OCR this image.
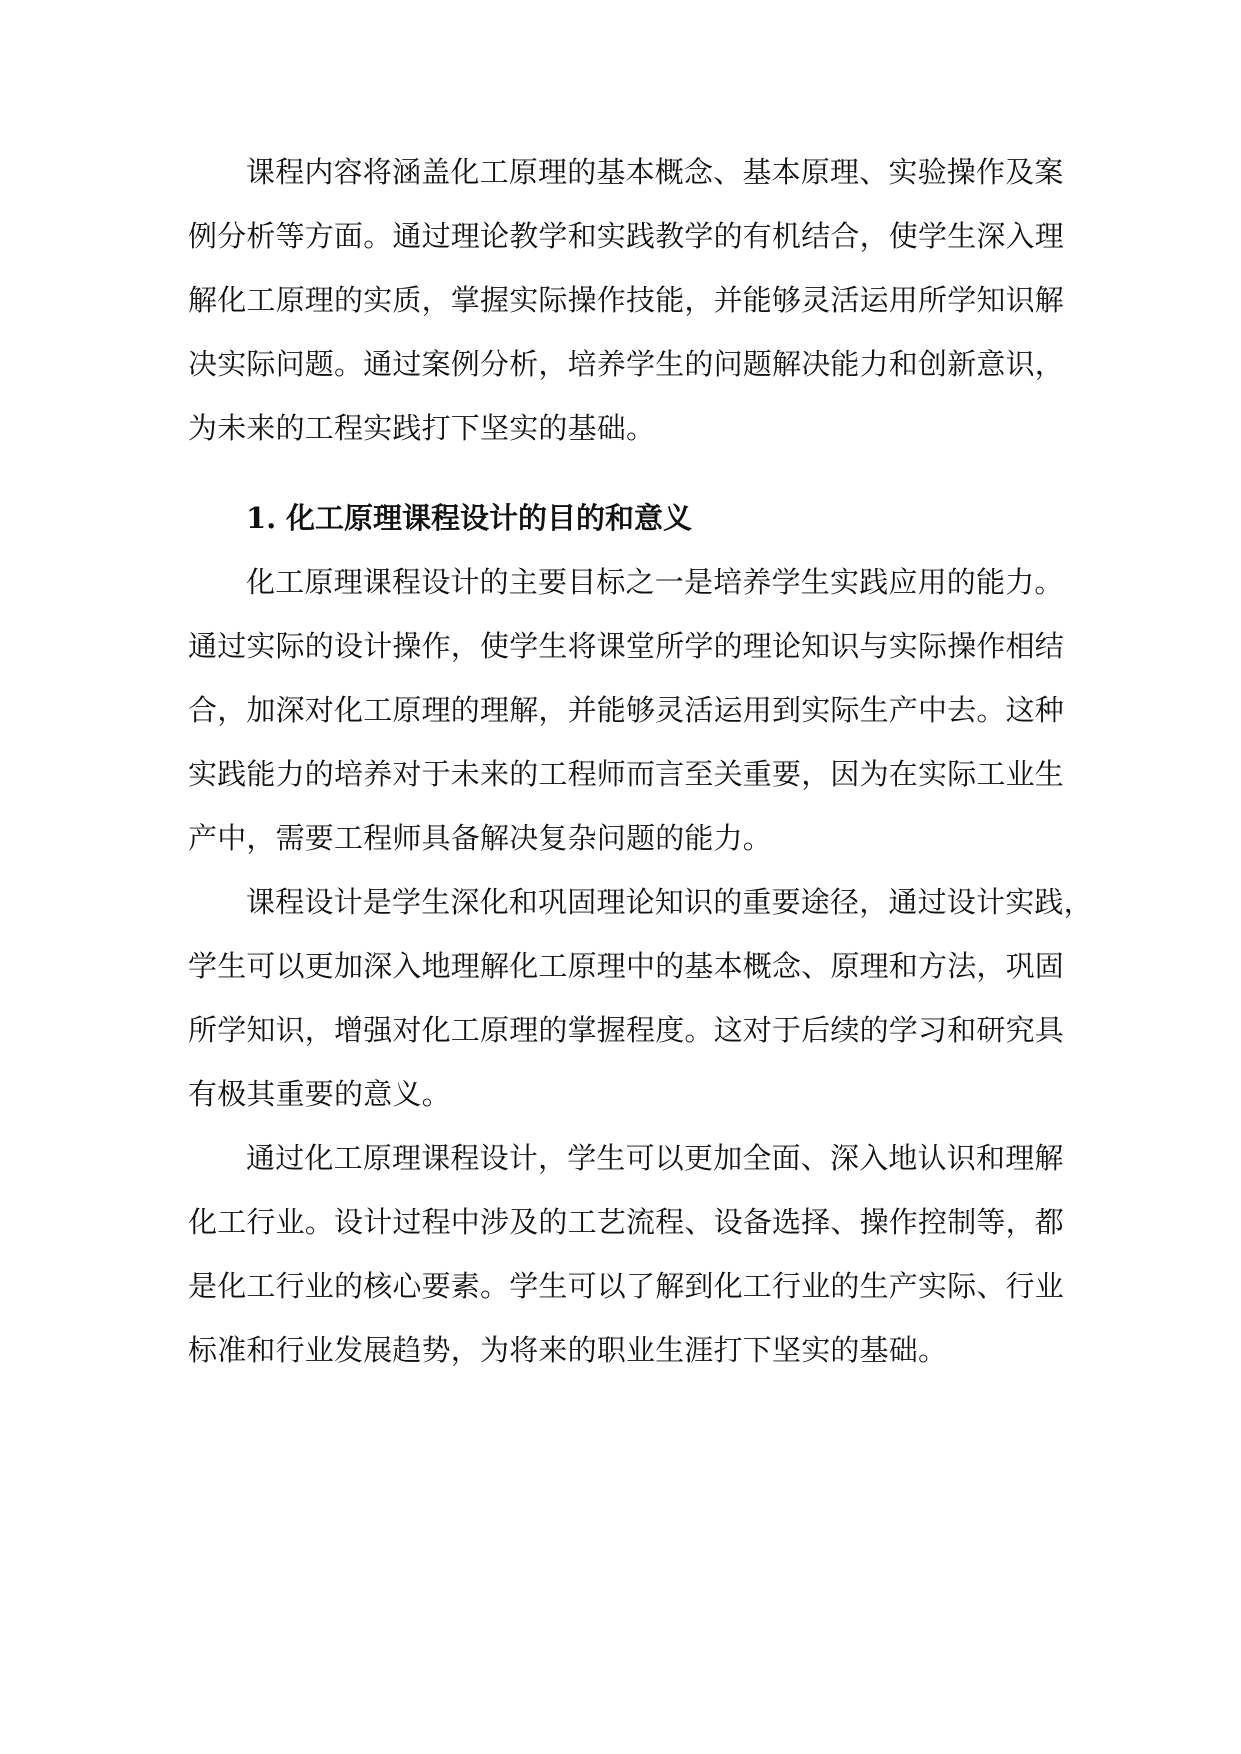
课程内容将涵盖化工原理的基本概念、基本原理、实验操作及案
例分析等方面。通过理论教学和实践教学的有机结合，使学生深入理
解化工原理的实质，掌握实际操作技能，并能够灵活运用所学知识解
决实际问题。通过案例分析，培养学生的问题解决能力和创新意识，
为未来的工程实践打下坚实的基础。
1. 化工原理课程设计的目的和意义
化工原理课程设计的主要目标之一是培养学生实践应用的能力。
通过实际的设计操作，使学生将课堂所学的理论知识与实际操作相结
合，加深对化工原理的理解，并能够灵活运用到实际生产中去。这种
实践能力的培养对于未来的工程师而言至关重要，因为在实际工业生
产中，需要工程师具备解决复杂问题的能力。
课程设计是学生深化和巩固理论知识的重要途径，通过设计实践，
学生可以更加深入地理解化工原理中的基本概念、原理和方法，巩固
所学知识，增强对化工原理的掌握程度。这对于后续的学习和研究具
有极其重要的意义。
通过化工原理课程设计，学生可以更加全面、深入地认识和理解
化工行业。设计过程中涉及的工艺流程、设备选择、操作控制等，都
是化工行业的核心要素。学生可以了解到化工行业的生产实际、行业
标准和行业发展趋势，为将来的职业生涯打下坚实的基础。
